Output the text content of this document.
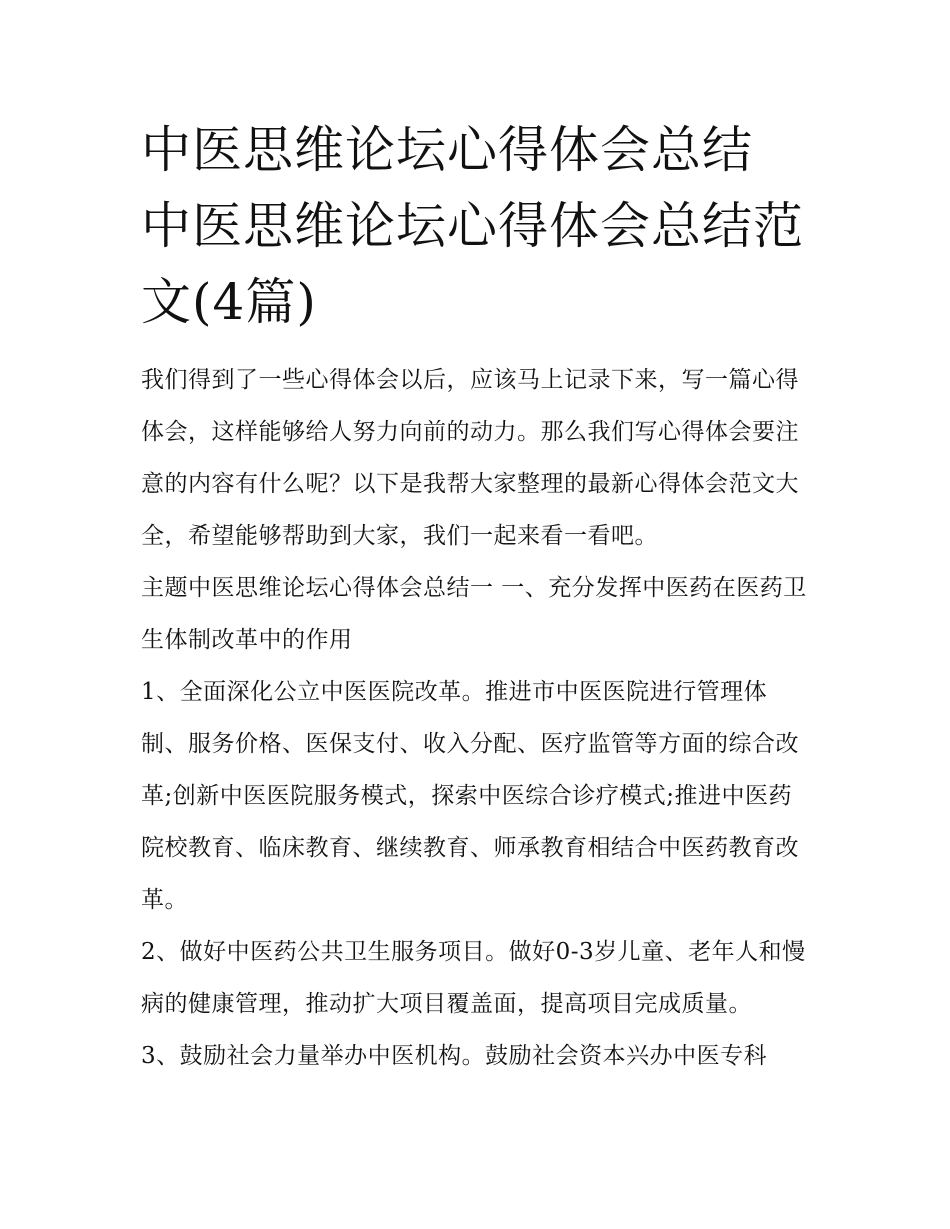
中医思维论坛心得体会总结 中医思维论坛心得体会总结范文(4篇)

我们得到了一些心得体会以后，应该马上记录下来，写一篇心得体会，这样能够给人努力向前的动力。那么我们写心得体会要注意的内容有什么呢？以下是我帮大家整理的最新心得体会范文大全，希望能够帮助到大家，我们一起来看一看吧。

主题中医思维论坛心得体会总结一 一、充分发挥中医药在医药卫生体制改革中的作用

1、全面深化公立中医医院改革。推进市中医医院进行管理体制、服务价格、医保支付、收入分配、医疗监管等方面的综合改革;创新中医医院服务模式，探索中医综合诊疗模式;推进中医药院校教育、临床教育、继续教育、师承教育相结合中医药教育改革。

2、做好中医药公共卫生服务项目。做好0-3岁儿童、老年人和慢病的健康管理，推动扩大项目覆盖面，提高项目完成质量。

3、鼓励社会力量举办中医机构。鼓励社会资本兴办中医专科
